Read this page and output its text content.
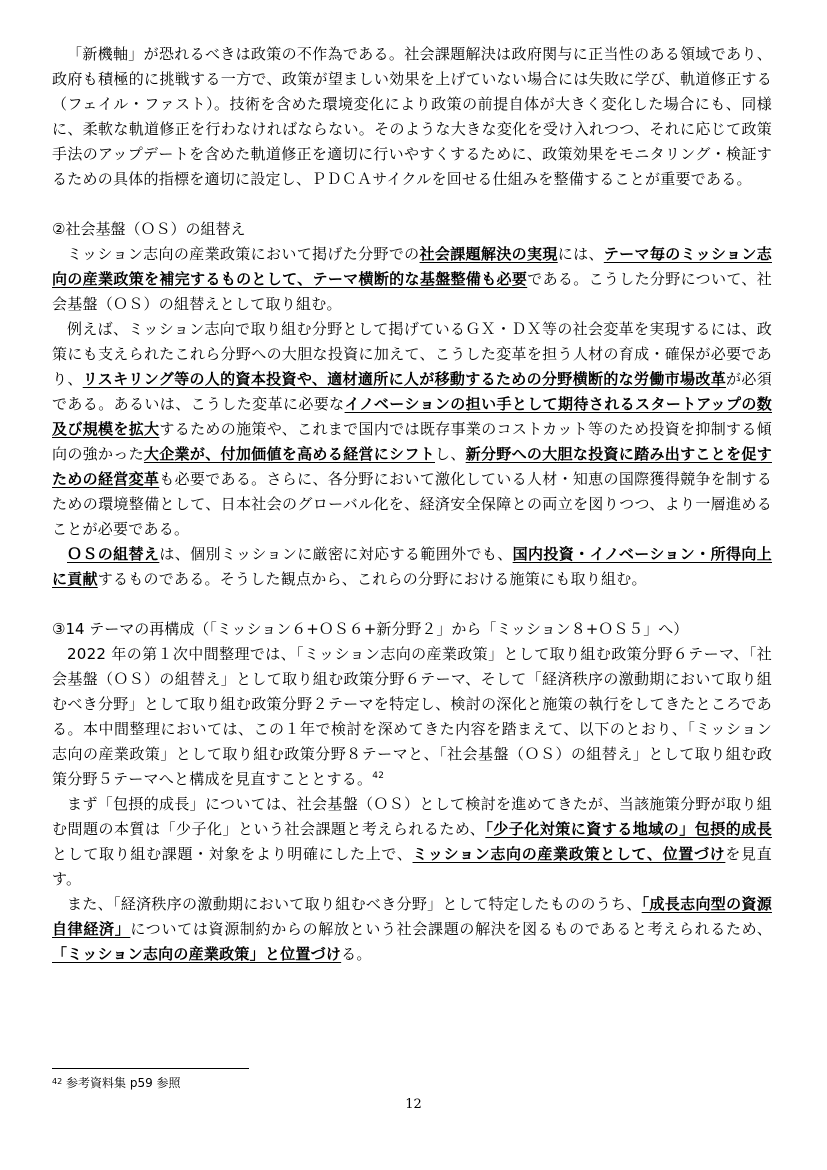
「新機軸」が恐れるべきは政策の不作為である。社会課題解決は政府関与に正当性のある領域であり、政府も積極的に挑戦する一方で、政策が望ましい効果を上げていない場合には失敗に学び、軌道修正する（フェイル・ファスト）。技術を含めた環境変化により政策の前提自体が大きく変化した場合にも、同様に、柔軟な軌道修正を行わなければならない。そのような大きな変化を受け入れつつ、それに応じて政策手法のアップデートを含めた軌道修正を適切に行いやすくするために、政策効果をモニタリング・検証するための具体的指標を適切に設定し、ＰＤＣＡサイクルを回せる仕組みを整備することが重要である。

②社会基盤（ＯＳ）の組替え

ミッション志向の産業政策において掲げた分野での社会課題解決の実現には、テーマ毎のミッション志向の産業政策を補完するものとして、テーマ横断的な基盤整備も必要である。こうした分野について、社会基盤（ＯＳ）の組替えとして取り組む。

例えば、ミッション志向で取り組む分野として掲げているＧＸ・ＤＸ等の社会変革を実現するには、政策にも支えられたこれら分野への大胆な投資に加えて、こうした変革を担う人材の育成・確保が必要であり、リスキリング等の人的資本投資や、適材適所に人が移動するための分野横断的な労働市場改革が必須である。あるいは、こうした変革に必要なイノベーションの担い手として期待されるスタートアップの数及び規模を拡大するための施策や、これまで国内では既存事業のコストカット等のため投資を抑制する傾向の強かった大企業が、付加価値を高める経営にシフトし、新分野への大胆な投資に踏み出すことを促すための経営変革も必要である。さらに、各分野において激化している人材・知恵の国際獲得競争を制するための環境整備として、日本社会のグローバル化を、経済安全保障との両立を図りつつ、より一層進めることが必要である。

ＯＳの組替えは、個別ミッションに厳密に対応する範囲外でも、国内投資・イノベーション・所得向上に貢献するものである。そうした観点から、これらの分野における施策にも取り組む。

③14 テーマの再構成（「ミッション６+ＯＳ６+新分野２」から「ミッション８+ＯＳ５」へ）

2022 年の第１次中間整理では、「ミッション志向の産業政策」として取り組む政策分野６テーマ、「社会基盤（ＯＳ）の組替え」として取り組む政策分野６テーマ、そして「経済秩序の激動期において取り組むべき分野」として取り組む政策分野２テーマを特定し、検討の深化と施策の執行をしてきたところである。本中間整理においては、この１年で検討を深めてきた内容を踏まえて、以下のとおり、「ミッション志向の産業政策」として取り組む政策分野８テーマと、「社会基盤（ＯＳ）の組替え」として取り組む政策分野５テーマへと構成を見直すこととする。$^{42}$

まず「包摂的成長」については、社会基盤（ＯＳ）として検討を進めてきたが、当該施策分野が取り組む問題の本質は「少子化」という社会課題と考えられるため、「少子化対策に資する地域の」包摂的成長として取り組む課題・対象をより明確にした上で、ミッション志向の産業政策として、位置づけを見直す。

また、「経済秩序の激動期において取り組むべき分野」として特定したもののうち、「成長志向型の資源自律経済」については資源制約からの解放という社会課題の解決を図るものであると考えられるため、「ミッション志向の産業政策」と位置づける。

$^{42}$ 参考資料集 p59 参照
12
